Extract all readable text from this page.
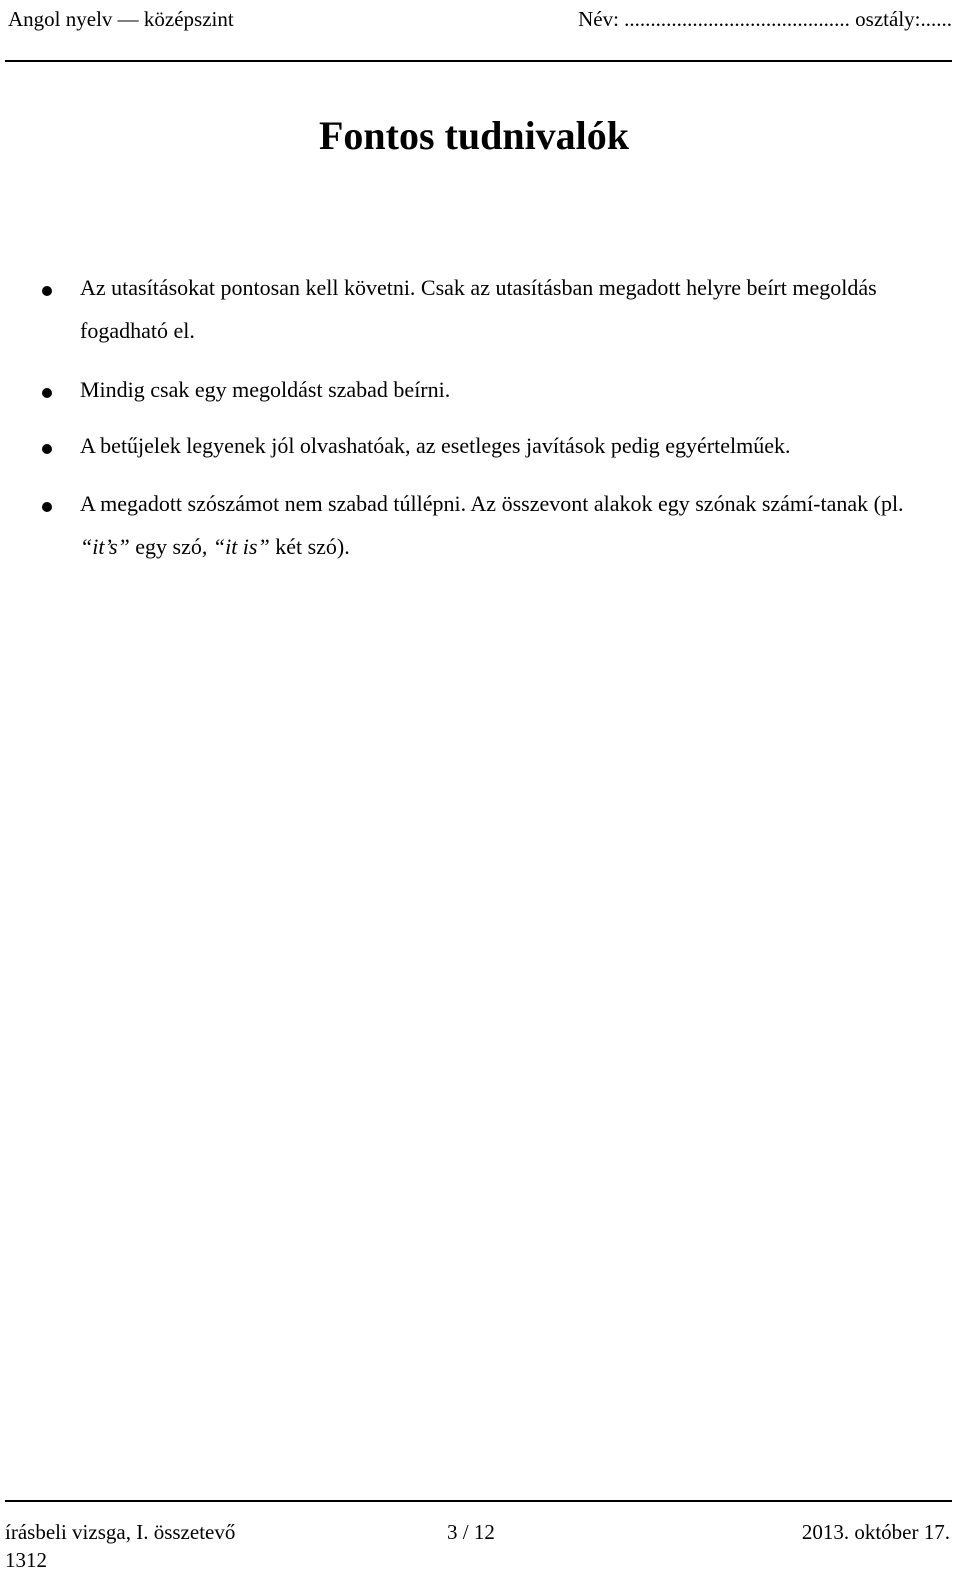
Angol nyelv — középszint	Név: ........................................... osztály:......
Fontos tudnivalók
Az utasításokat pontosan kell követni. Csak az utasításban megadott helyre beírt megoldás fogadható el.
Mindig csak egy megoldást szabad beírni.
A betűjelek legyenek jól olvashatóak, az esetleges javítások pedig egyértelműek.
A megadott szószámot nem szabad túllépni. Az összevont alakok egy szónak számí-tanak (pl. “it’s” egy szó, “it is” két szó).
írásbeli vizsga, I. összetevő	3 / 12	2013. október 17.
1312
